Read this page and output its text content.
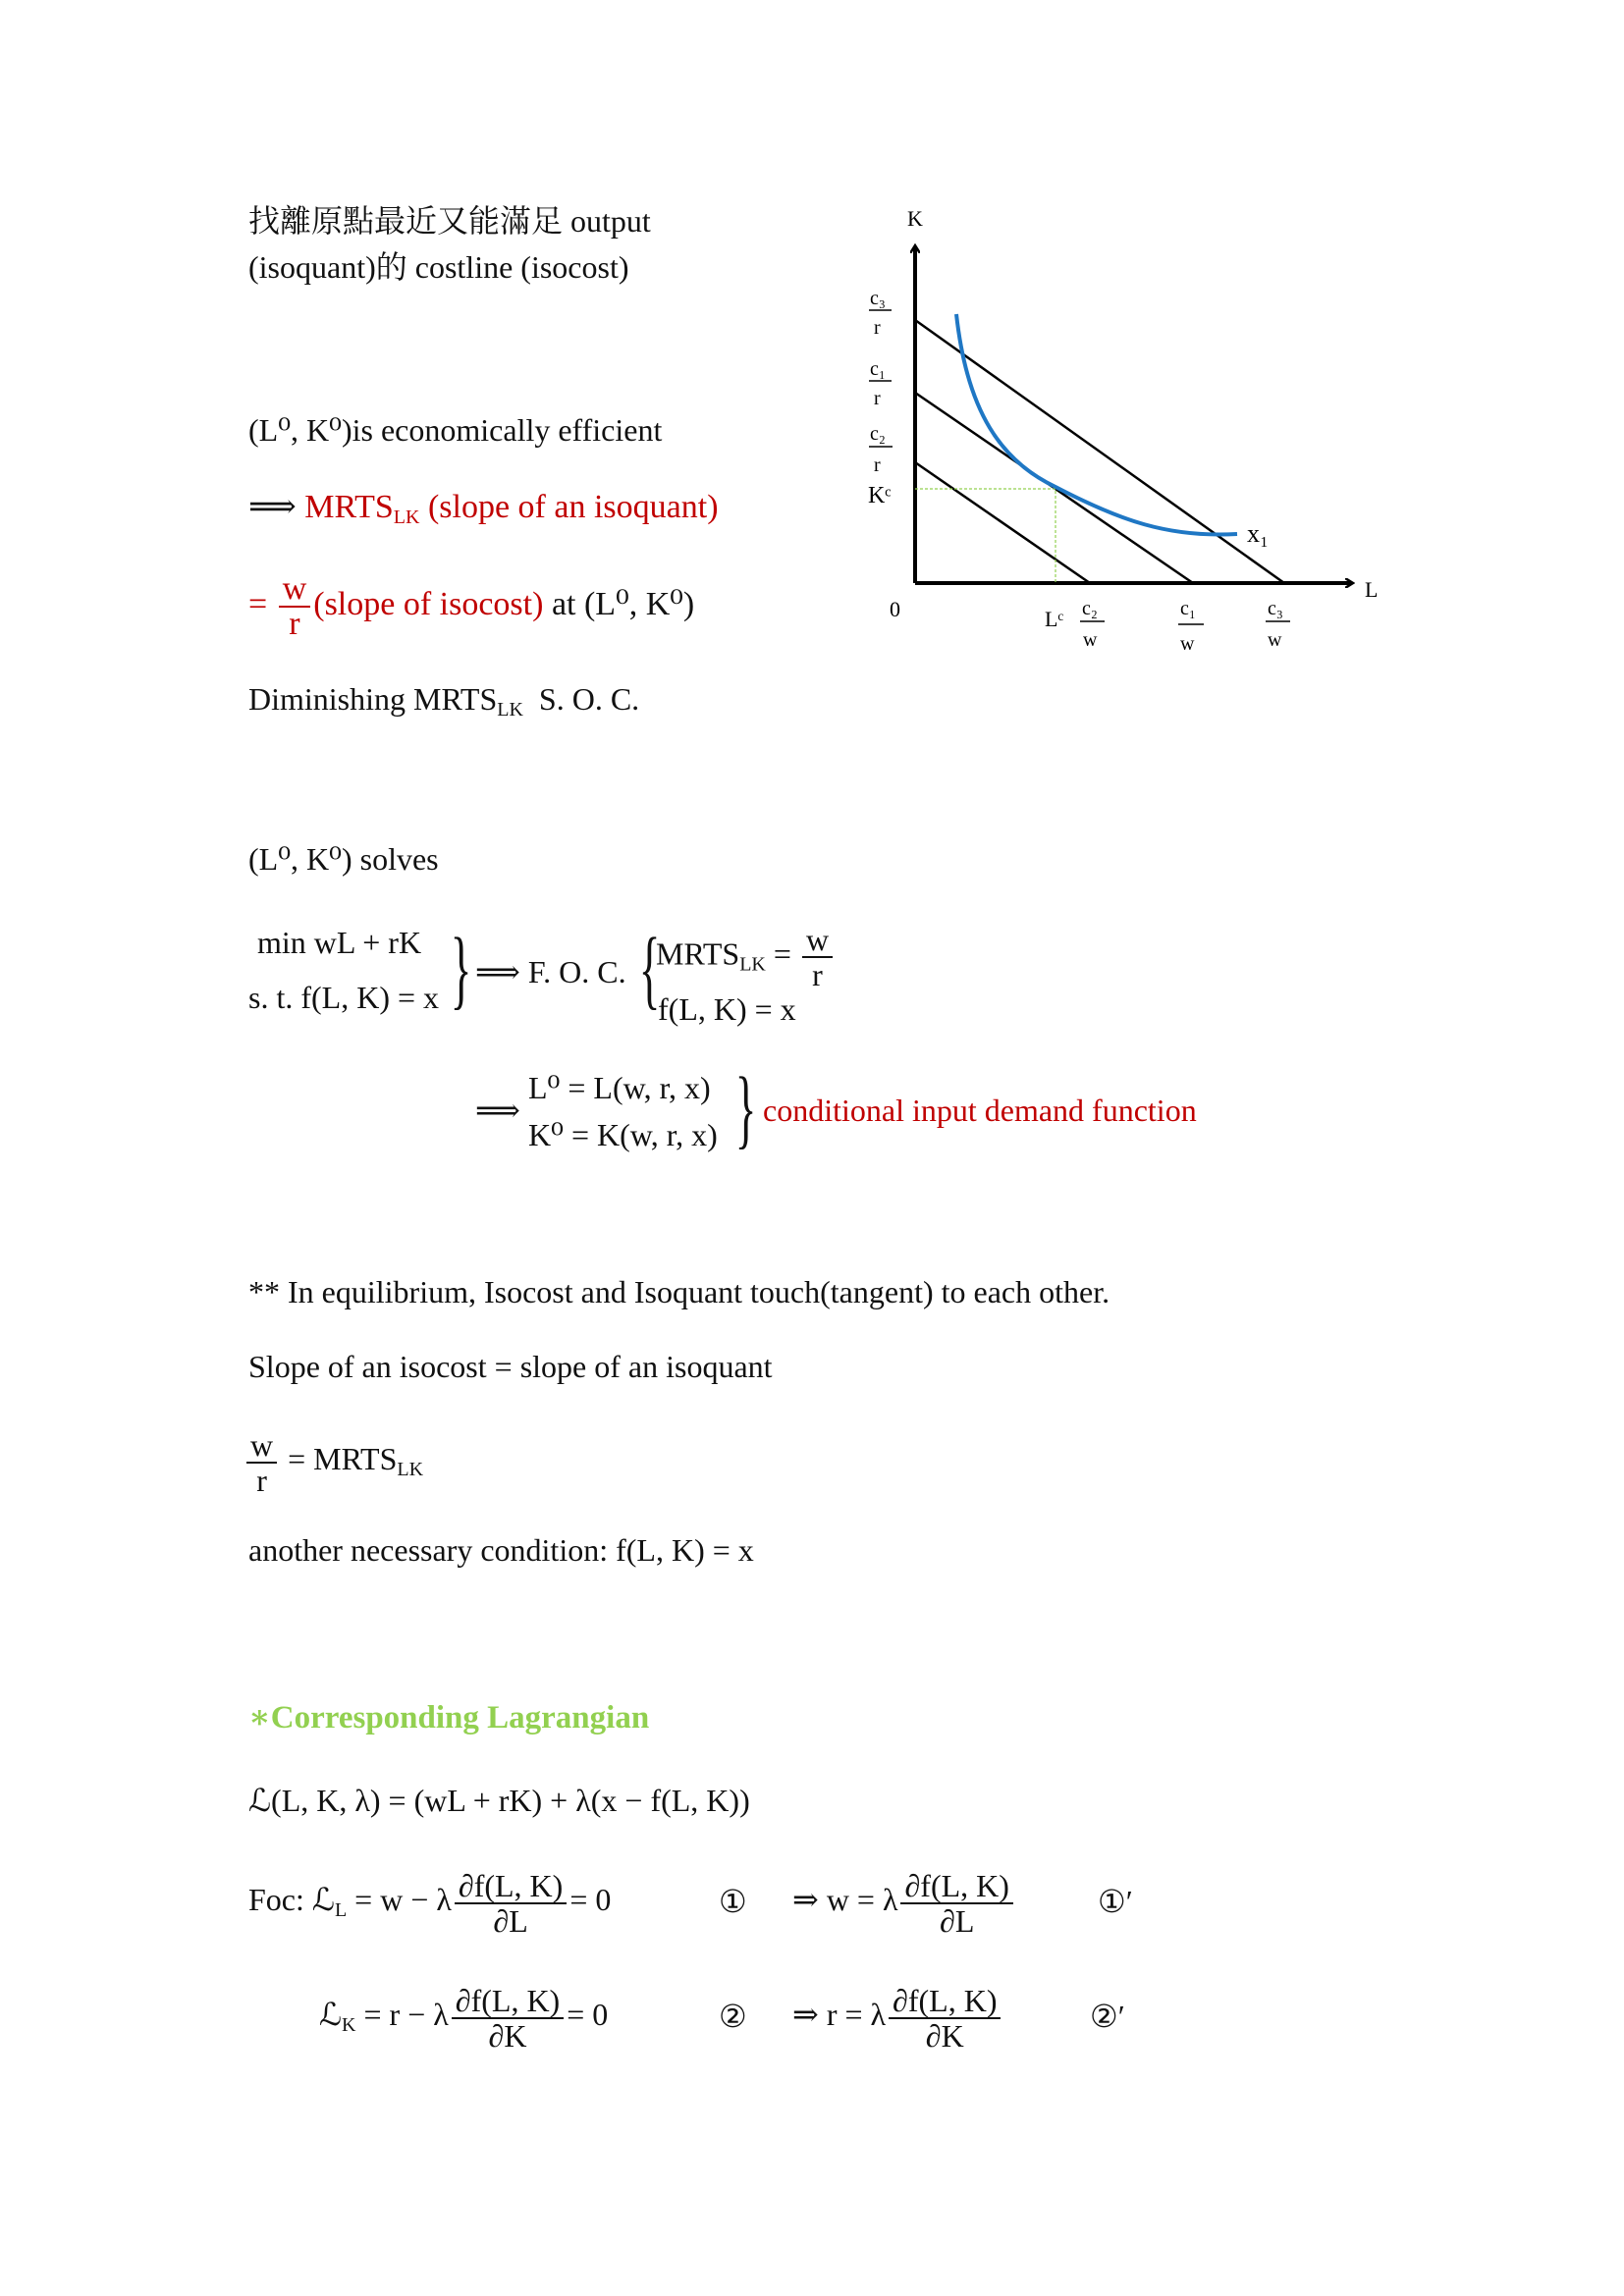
找離原點最近又能滿足 output
(isoquant)的 costline (isocost)
(L⁰, K⁰)is economically efficient
⟹ $MRTS_{LK}$ (slope of an isoquant)
= $\frac{w}{r}$ (slope of isocost) at (L⁰, K⁰)
Diminishing $MRTS_{LK}$ S. O. C.
(L⁰, K⁰) solves
min wL + rK
s. t. f(L, K) = x } ⟹ F. O. C. {
$MRTS_{LK} = \frac{w}{r}$
f(L, K) = x
⟹
L⁰ = L(w, r, x)
K⁰ = K(w, r, x) } conditional input demand function
** In equilibrium, Isocost and Isoquant touch(tangent) to each other.
Slope of an isocost = slope of an isoquant
$\frac{w}{r}$ = $MRTS_{LK}$
another necessary condition: f(L, K) = x
∗Corresponding Lagrangian
ℒ(L, K, λ) = (wL + rK) + λ(x − f(L, K))
Foc: ℒ$_L$ = w − λ $\frac{\partial f(L, K)}{\partial L} = 0$	① ⇒ w = λ $\frac{\partial f(L, K)}{\partial L}$	①′
ℒ$_K$ = r − λ $\frac{\partial f(L, K)}{\partial K} = 0$	② ⇒ r = λ $\frac{\partial f(L, K)}{\partial K}$	②′
K
L
0
x₁
c₃
r
c₁
r
c₂
r
Kᶜ
Lᶜ c₂
w
c₁
w
c₃
w
